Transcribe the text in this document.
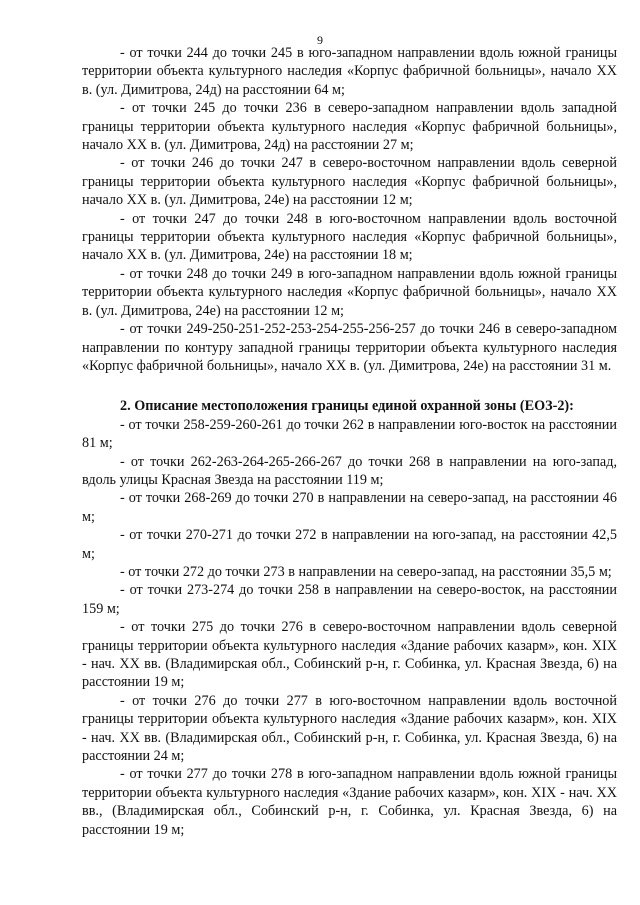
9

- от точки 244 до точки 245 в юго-западном направлении вдоль южной границы территории объекта культурного наследия «Корпус фабричной больницы», начало XX в. (ул. Димитрова, 24д) на расстоянии 64 м;

- от точки 245 до точки 236 в северо-западном направлении вдоль западной границы территории объекта культурного наследия «Корпус фабричной больницы», начало XX в. (ул. Димитрова, 24д) на расстоянии 27 м;

- от точки 246 до точки 247 в северо-восточном направлении вдоль северной границы территории объекта культурного наследия «Корпус фабричной больницы», начало XX в. (ул. Димитрова, 24е) на расстоянии 12 м;

- от точки 247 до точки 248 в юго-восточном направлении вдоль восточной границы территории объекта культурного наследия «Корпус фабричной больницы», начало XX в. (ул. Димитрова, 24е) на расстоянии 18 м;

- от точки 248 до точки 249 в юго-западном направлении вдоль южной границы территории объекта культурного наследия «Корпус фабричной больницы», начало XX в. (ул. Димитрова, 24е) на расстоянии 12 м;

- от точки 249-250-251-252-253-254-255-256-257 до точки 246 в северо-западном направлении по контуру западной границы территории объекта культурного наследия «Корпус фабричной больницы», начало XX в. (ул. Димитрова, 24е) на расстоянии 31 м.

2. Описание местоположения границы единой охранной зоны (ЕОЗ-2):

- от точки 258-259-260-261 до точки 262 в направлении юго-восток на расстоянии 81 м;

- от точки 262-263-264-265-266-267 до точки 268 в направлении на юго-запад, вдоль улицы Красная Звезда на расстоянии 119 м;

- от точки 268-269 до точки 270 в направлении на северо-запад, на расстоянии 46 м;

- от точки 270-271 до точки 272 в направлении на юго-запад, на расстоянии 42,5 м;

- от точки 272 до точки 273 в направлении на северо-запад, на расстоянии 35,5 м;

- от точки 273-274 до точки 258 в направлении на северо-восток, на расстоянии 159 м;

- от точки 275 до точки 276 в северо-восточном направлении вдоль северной границы территории объекта культурного наследия «Здание рабочих казарм», кон. XIX - нач. XX вв. (Владимирская обл., Собинский р-н, г. Собинка, ул. Красная Звезда, 6) на расстоянии 19 м;

- от точки 276 до точки 277 в юго-восточном направлении вдоль восточной границы территории объекта культурного наследия «Здание рабочих казарм», кон. XIX - нач. XX вв. (Владимирская обл., Собинский р-н, г. Собинка, ул. Красная Звезда, 6) на расстоянии 24 м;

- от точки 277 до точки 278 в юго-западном направлении вдоль южной границы территории объекта культурного наследия «Здание рабочих казарм», кон. XIX - нач. XX вв., (Владимирская обл., Собинский р-н, г. Собинка, ул. Красная Звезда, 6) на расстоянии 19 м;
